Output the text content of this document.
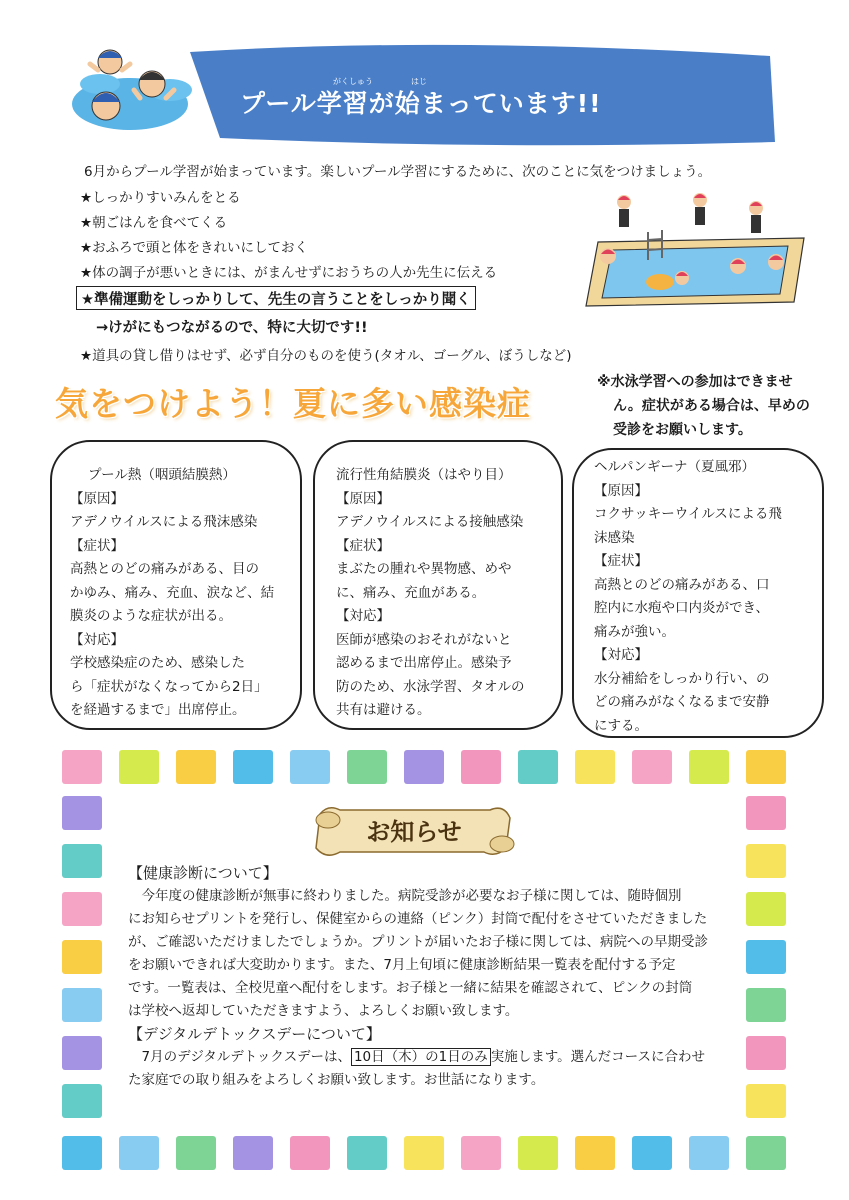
がくしゅう	はじ
プール学習が始まっています!!
6月からプール学習が始まっています。楽しいプール学習にするために、次のことに気をつけましょう。
★しっかりすいみんをとる
★朝ごはんを食べてくる
★おふろで頭と体をきれいにしておく
★体の調子が悪いときには、がまんせずにおうちの人か先生に伝える
★準備運動をしっかりして、先生の言うことをしっかり聞く
→けがにもつながるので、特に大切です!!
★道具の貸し借りはせず、必ず自分のものを使う(タオル、ゴーグル、ぼうしなど)
気をつけよう！夏に多い感染症
※水泳学習への参加はできませ
ん。症状がある場合は、早めの
受診をお願いします。
プール熱（咽頭結膜熱）
【原因】
アデノウイルスによる飛沫感染
【症状】
高熱とのどの痛みがある、目の
かゆみ、痛み、充血、涙など、結
膜炎のような症状が出る。
【対応】
学校感染症のため、感染した
ら「症状がなくなってから2日」
を経過するまで」出席停止。
流行性角結膜炎（はやり目）
【原因】
アデノウイルスによる接触感染
【症状】
まぶたの腫れや異物感、めや
に、痛み、充血がある。
【対応】
医師が感染のおそれがないと
認めるまで出席停止。感染予
防のため、水泳学習、タオルの
共有は避ける。
ヘルパンギーナ（夏風邪）
【原因】
コクサッキーウイルスによる飛
沫感染
【症状】
高熱とのどの痛みがある、口
腔内に水疱や口内炎ができ、
痛みが強い。
【対応】
水分補給をしっかり行い、の
どの痛みがなくなるまで安静
にする。
お知らせ
【健康診断について】
　今年度の健康診断が無事に終わりました。病院受診が必要なお子様に関しては、随時個別
にお知らせプリントを発行し、保健室からの連絡（ピンク）封筒で配付をさせていただきました
が、ご確認いただけましたでしょうか。プリントが届いたお子様に関しては、病院への早期受診
をお願いできれば大変助かります。また、7月上旬頃に健康診断結果一覧表を配付する予定
です。一覧表は、全校児童へ配付をします。お子様と一緒に結果を確認されて、ピンクの封筒
は学校へ返却していただきますよう、よろしくお願い致します。
【デジタルデトックスデーについて】
　7月のデジタルデトックスデーは、 10日（木）の1日のみ 実施します。選んだコースに合わせ
た家庭での取り組みをよろしくお願い致します。お世話になります。
